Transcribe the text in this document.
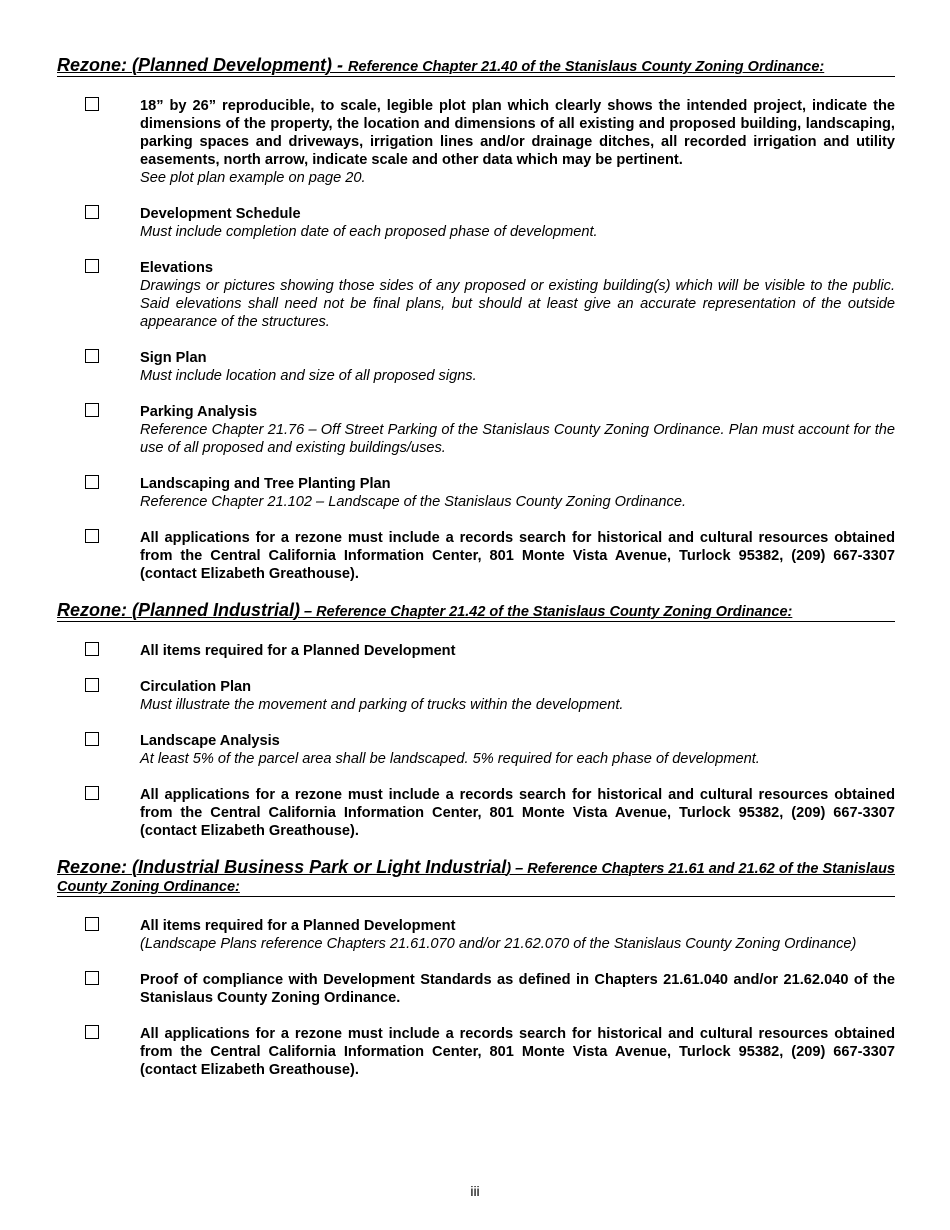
Rezone: (Planned Development) - Reference Chapter 21.40 of the Stanislaus County Zoning Ordinance:
18” by 26” reproducible, to scale, legible plot plan which clearly shows the intended project, indicate the dimensions of the property, the location and dimensions of all existing and proposed building, landscaping, parking spaces and driveways, irrigation lines and/or drainage ditches, all recorded irrigation and utility easements, north arrow, indicate scale and other data which may be pertinent.
See plot plan example on page 20.
Development Schedule
Must include completion date of each proposed phase of development.
Elevations
Drawings or pictures showing those sides of any proposed or existing building(s) which will be visible to the public. Said elevations shall need not be final plans, but should at least give an accurate representation of the outside appearance of the structures.
Sign Plan
Must include location and size of all proposed signs.
Parking Analysis
Reference Chapter 21.76 – Off Street Parking of the Stanislaus County Zoning Ordinance. Plan must account for the use of all proposed and existing buildings/uses.
Landscaping and Tree Planting Plan
Reference Chapter 21.102 – Landscape of the Stanislaus County Zoning Ordinance.
All applications for a rezone must include a records search for historical and cultural resources obtained from the Central California Information Center, 801 Monte Vista Avenue, Turlock 95382, (209) 667-3307 (contact Elizabeth Greathouse).
Rezone: (Planned Industrial) – Reference Chapter 21.42 of the Stanislaus County Zoning Ordinance:
All items required for a Planned Development
Circulation Plan
Must illustrate the movement and parking of trucks within the development.
Landscape Analysis
At least 5% of the parcel area shall be landscaped. 5% required for each phase of development.
All applications for a rezone must include a records search for historical and cultural resources obtained from the Central California Information Center, 801 Monte Vista Avenue, Turlock 95382, (209) 667-3307 (contact Elizabeth Greathouse).
Rezone: (Industrial Business Park or Light Industrial) – Reference Chapters 21.61 and 21.62 of the Stanislaus County Zoning Ordinance:
All items required for a Planned Development
(Landscape Plans reference Chapters 21.61.070 and/or 21.62.070 of the Stanislaus County Zoning Ordinance)
Proof of compliance with Development Standards as defined in Chapters 21.61.040 and/or 21.62.040 of the Stanislaus County Zoning Ordinance.
All applications for a rezone must include a records search for historical and cultural resources obtained from the Central California Information Center, 801 Monte Vista Avenue, Turlock 95382, (209) 667-3307 (contact Elizabeth Greathouse).
iii
